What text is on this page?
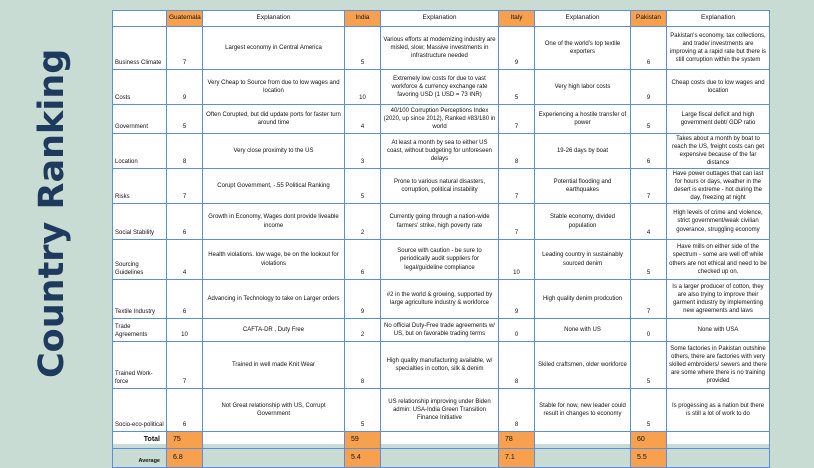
Country Ranking
	Guatemala	Explanation	India	Explanation	Italy	Explanation	Pakistan	Explanation
Business Climate	7	Largest economy in Central America	5	Various efforts at modernizing industry are misled, slow; Massive investments in infrastructure needed	9	One of the world's top textile exporters	6	Pakistan's economy, tax collections, and trade/ investments are improving at a rapid rate but there is still corruption within the system
Costs	9	Very Cheap to Source from due to low wages and location	10	Extremely low costs for due to vast workforce & currency exchange rate favoring USD (1 USD = 73 INR)	5	Very high labor costs	9	Cheap costs due to low wages and location
Government	5	Often Corupted, but did update ports for faster turn around time	4	40/100 Corruption Perceptions Index (2020, up since 2012), Ranked #83/180 in world	7	Experiencing a hostile transfer of power	5	Large fiscal deficit and high government debt/ GDP ratio
Location	8	Very close proximity to the US	3	At least a month by sea to either US coast, without budgeting for unforeseen delays	8	19-26 days by boat	6	Takes about a month by boat to reach the US, freight costs can get expensive because of the far distance
Risks	7	Corupt Government, -.55 Political Ranking	5	Prone to various natural disasters, corruption, political instability	7	Potential flooding and earthquakes	7	Have power outtages that can last for hours or days, weather in the desert is extreme - hot during the day, freezing at night
Social Stability	6	Growth in Economy, Wages dont provide liveable income	2	Currently going through a nation-wide farmers' strike, high poverty rate	7	Stable economy, divided population	4	High levels of crime and violence, strict government/weak civilian goverance, struggling economy
Sourcing Guidelines	4	Health violations. low wage, be on the lookout for violations	6	Source with caution - be sure to periodically audit suppliers for legal/guideline compliance	10	Leading country in sustainably sourced denim	5	Have mills on either side of the spectrum - some are well off while others are not ethical and need to be checked up on.
Textile Industry	6	Advancing in Technology to take on Larger orders	9	#2 in the world & growing, supported by large agriculture industry & workforce	9	High quality denim prodcution	7	Is a larger producer of cotton, they are also trying to improve their garment industry by implementing new agreements and laws
Trade Agreements	10	CAFTA-DR , Duty Free	2	No official Duty-Free trade agreements w/ US, but on favorable trading terms	0	None with US	0	None with USA
Trained Work-force	7	Trained in well made Knit Wear	8	High quality manufacturing available, w/ specialties in cotton, silk & denim	8	Skiled craftsmen, older workforce	5	Some factories in Pakistan outshine others, there are factories with very skilled embroiders/ sewers and there are some where there is no training provided
Socio-eco-political	6	Not Great relationship with US, Corrupt Government	5	US relationship improving under Biden admin: USA-India Green Transition Finance Initiative	8	Stable for now, new leader could result in changes to economy	5	Is progessing as a nation but there is still a lot of work to do
Total	75		59		78		60	
Average	6.8		5.4		7.1		5.5	
